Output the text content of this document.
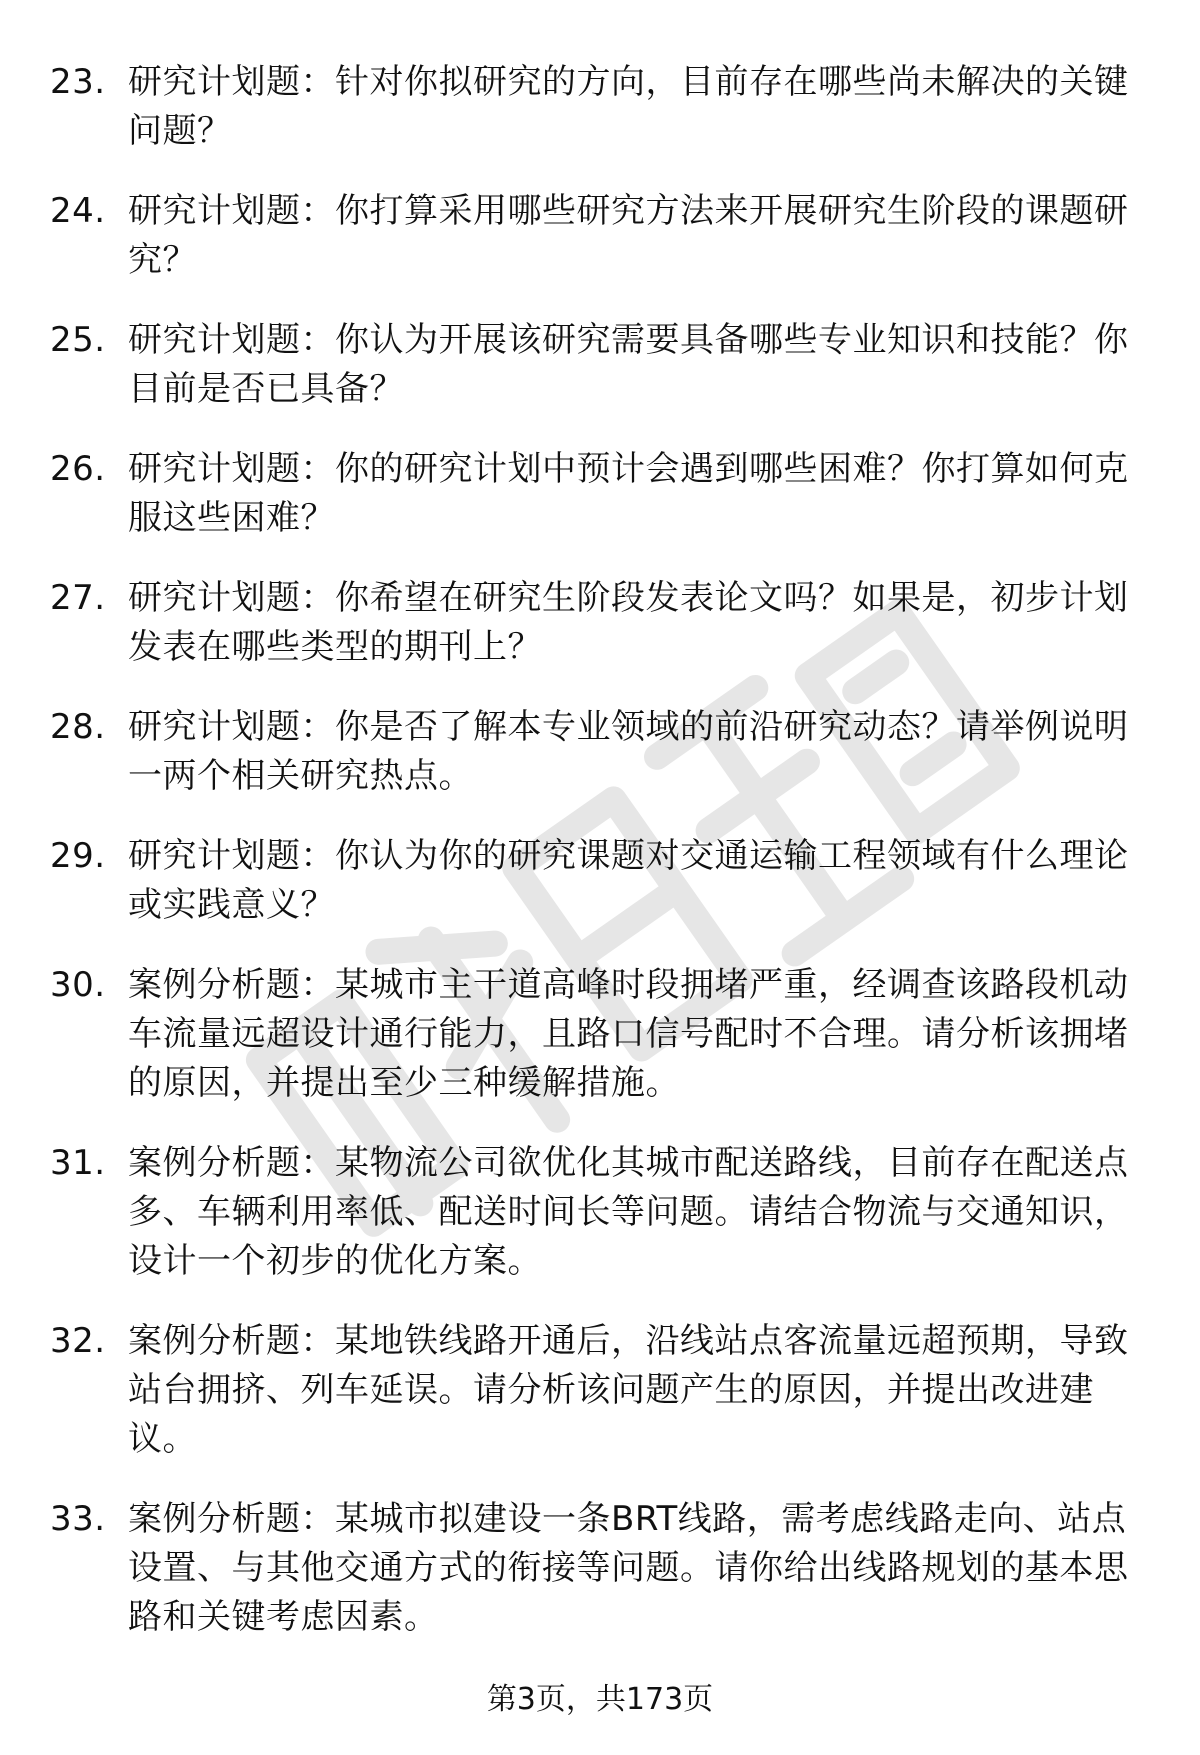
23. 研究计划题：针对你拟研究的方向，目前存在哪些尚未解决的关键问题？
24. 研究计划题：你打算采用哪些研究方法来开展研究生阶段的课题研究？
25. 研究计划题：你认为开展该研究需要具备哪些专业知识和技能？你目前是否已具备？
26. 研究计划题：你的研究计划中预计会遇到哪些困难？你打算如何克服这些困难？
27. 研究计划题：你希望在研究生阶段发表论文吗？如果是，初步计划发表在哪些类型的期刊上？
28. 研究计划题：你是否了解本专业领域的前沿研究动态？请举例说明一两个相关研究热点。
29. 研究计划题：你认为你的研究课题对交通运输工程领域有什么理论或实践意义？
30. 案例分析题：某城市主干道高峰时段拥堵严重，经调查该路段机动车流量远超设计通行能力，且路口信号配时不合理。请分析该拥堵的原因，并提出至少三种缓解措施。
31. 案例分析题：某物流公司欲优化其城市配送路线，目前存在配送点多、车辆利用率低、配送时间长等问题。请结合物流与交通知识，设计一个初步的优化方案。
32. 案例分析题：某地铁线路开通后，沿线站点客流量远超预期，导致站台拥挤、列车延误。请分析该问题产生的原因，并提出改进建议。
33. 案例分析题：某城市拟建设一条BRT线路，需考虑线路走向、站点设置、与其他交通方式的衔接等问题。请你给出线路规划的基本思路和关键考虑因素。
第3页，共173页
